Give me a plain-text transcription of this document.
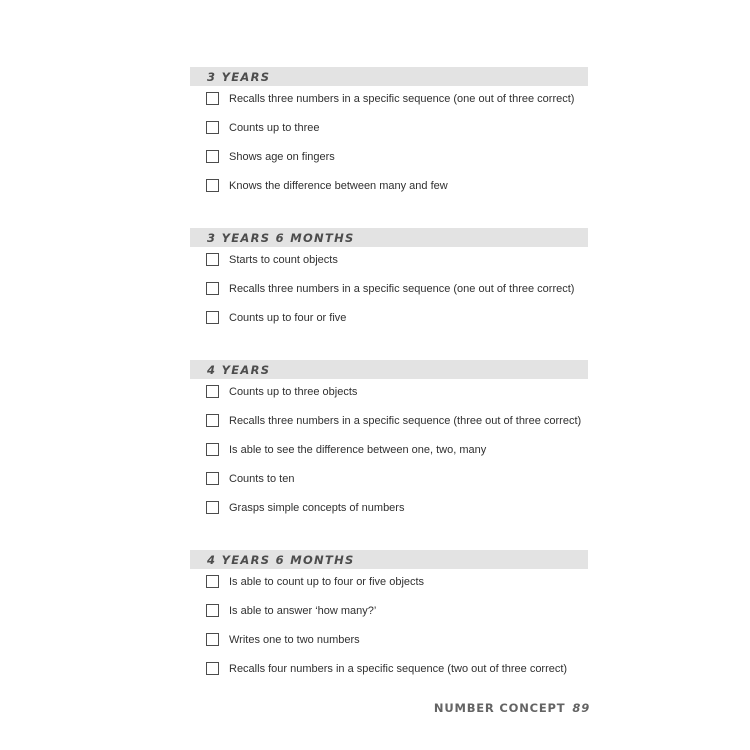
3 YEARS
Recalls three numbers in a specific sequence (one out of three correct)
Counts up to three
Shows age on fingers
Knows the difference between many and few
3 YEARS 6 MONTHS
Starts to count objects
Recalls three numbers in a specific sequence (one out of three correct)
Counts up to four or five
4 YEARS
Counts up to three objects
Recalls three numbers in a specific sequence (three out of three correct)
Is able to see the difference between one, two, many
Counts to ten
Grasps simple concepts of numbers
4 YEARS 6 MONTHS
Is able to count up to four or five objects
Is able to answer ‘how many?’
Writes one to two numbers
Recalls four numbers in a specific sequence (two out of three correct)
NUMBER CONCEPT 89
